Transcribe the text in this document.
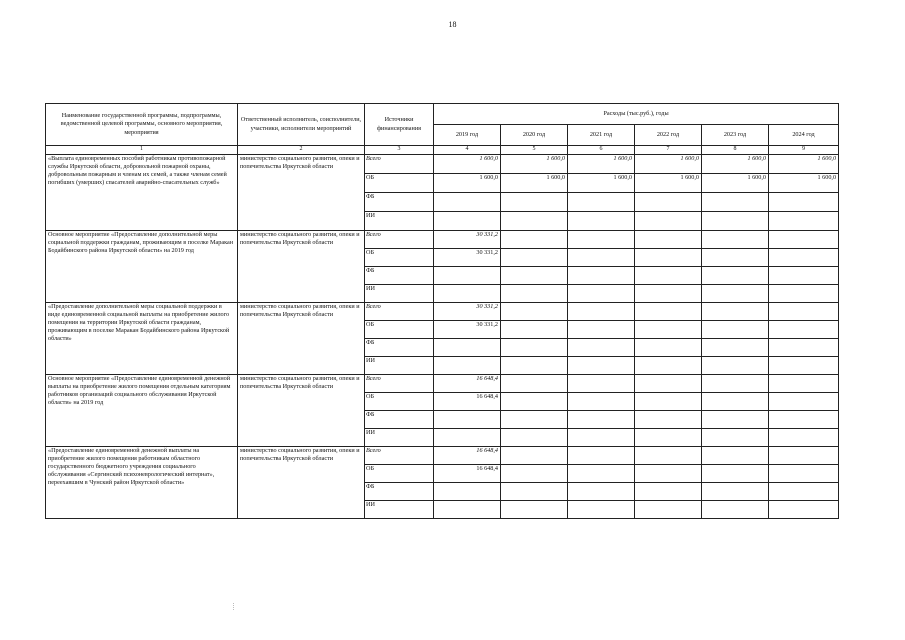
18
Наименование государственной программы, подпрограммы, ведомственной целевой программы, основного мероприятия, мероприятия	Ответственный исполнитель, соисполнители, участники, исполнители мероприятий	Источники финансирования	Расходы (тыс.руб.), годы					
			2019 год	2020 год	2021 год	2022 год	2023 год	2024 год
1	2	3	4	5	6	7	8	9
«Выплата единовременных пособий работникам противопожарной службы Иркутской области, добровольной пожарной охраны, добровольным пожарным и членам их семей, а также членам семей погибших (умерших) спасателей аварийно-спасательных служб»	министерство социального развития, опеки и попечительства Иркутской области	Всего	1 600,0	1 600,0	1 600,0	1 600,0	1 600,0	1 600,0
		ОБ	1 600,0	1 600,0	1 600,0	1 600,0	1 600,0	1 600,0
		ФБ						
		ИИ						
Основное мероприятие «Предоставление дополнительной меры социальной поддержки гражданам, проживающим в поселке Маракан Бодайбинского района Иркутской области» на 2019 год	министерство социального развития, опеки и попечительства Иркутской области	Всего	30 331,2					
		ОБ	30 331,2					
		ФБ						
		ИИ						
«Предоставление дополнительной меры социальной поддержки в виде единовременной социальной выплаты на приобретение жилого помещения на территории Иркутской области гражданам, проживающим в поселке Маракан Бодайбинского района Иркутской области»	министерство социального развития, опеки и попечительства Иркутской области	Всего	30 331,2					
		ОБ	30 331,2					
		ФБ						
		ИИ						
Основное мероприятие «Предоставление единовременной денежной выплаты на приобретение жилого помещения отдельным категориям работников организаций социального обслуживания Иркутской области» на 2019 год	министерство социального развития, опеки и попечительства Иркутской области	Всего	16 648,4					
		ОБ	16 648,4					
		ФБ						
		ИИ						
«Предоставление единовременной денежной выплаты на приобретение жилого помещения работникам областного государственного бюджетного учреждения социального обслуживания «Сергинский психоневрологический интернат», переехавшим в Чунский район Иркутской области»	министерство социального развития, опеки и попечительства Иркутской области	Всего	16 648,4					
		ОБ	16 648,4					
		ФБ						
		ИИ						
